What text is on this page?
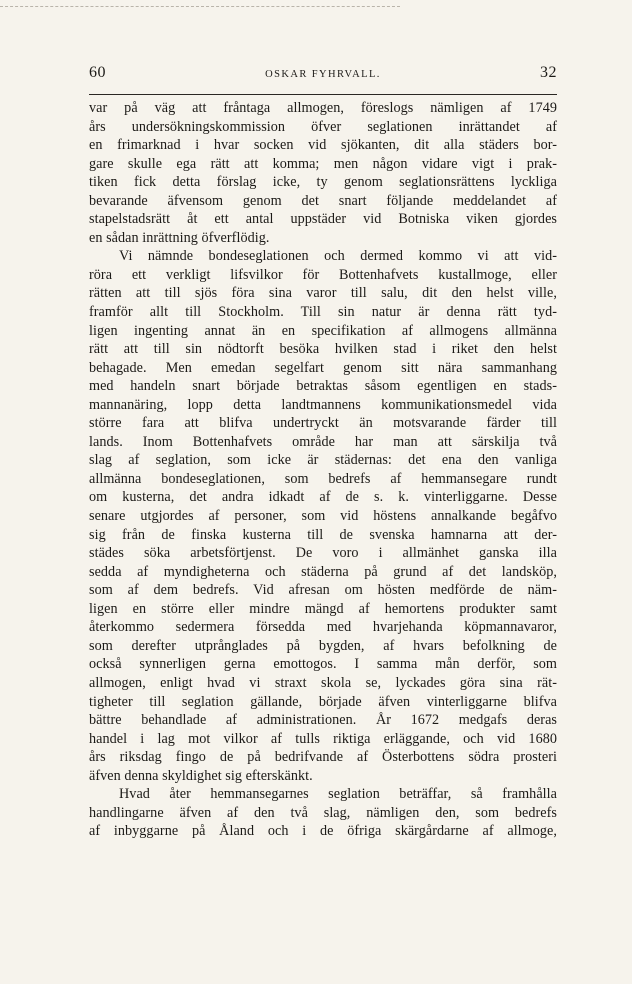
60	OSKAR FYHRVALL.	32
var på väg att fråntaga allmogen, föreslogs nämligen af 1749
års undersökningskommission öfver seglationen inrättandet af
en frimarknad i hvar socken vid sjökanten, dit alla städers bor-
gare skulle ega rätt att komma; men någon vidare vigt i prak-
tiken fick detta förslag icke, ty genom seglationsrättens lyckliga
bevarande äfvensom genom det snart följande meddelandet af
stapelstadsrätt åt ett antal uppstäder vid Botniska viken gjordes
en sådan inrättning öfverflödig.
Vi nämnde bondeseglationen och dermed kommo vi att vid-
röra ett verkligt lifsvilkor för Bottenhafvets kustallmoge, eller
rätten att till sjös föra sina varor till salu, dit den helst ville,
framför allt till Stockholm. Till sin natur är denna rätt tyd-
ligen ingenting annat än en specifikation af allmogens allmänna
rätt att till sin nödtorft besöka hvilken stad i riket den helst
behagade. Men emedan segelfart genom sitt nära sammanhang
med handeln snart började betraktas såsom egentligen en stads-
mannanäring, lopp detta landtmannens kommunikationsmedel vida
större fara att blifva undertryckt än motsvarande färder till
lands. Inom Bottenhafvets område har man att särskilja två
slag af seglation, som icke är städernas: det ena den vanliga
allmänna bondeseglationen, som bedrefs af hemmansegare rundt
om kusterna, det andra idkadt af de s. k. vinterliggarne. Desse
senare utgjordes af personer, som vid höstens annalkande begåfvo
sig från de finska kusterna till de svenska hamnarna att der-
städes söka arbetsförtjenst. De voro i allmänhet ganska illa
sedda af myndigheterna och städerna på grund af det landsköp,
som af dem bedrefs. Vid afresan om hösten medförde de näm-
ligen en större eller mindre mängd af hemortens produkter samt
återkommo sedermera försedda med hvarjehanda köpmannavaror,
som derefter utprånglades på bygden, af hvars befolkning de
också synnerligen gerna emottogos. I samma mån derför, som
allmogen, enligt hvad vi straxt skola se, lyckades göra sina rät-
tigheter till seglation gällande, började äfven vinterliggarne blifva
bättre behandlade af administrationen. År 1672 medgafs deras
handel i lag mot vilkor af tulls riktiga erläggande, och vid 1680
års riksdag fingo de på bedrifvande af Österbottens södra prosteri
äfven denna skyldighet sig efterskänkt.
Hvad åter hemmansegarnes seglation beträffar, så framhålla
handlingarne äfven af den två slag, nämligen den, som bedrefs
af inbyggarne på Åland och i de öfriga skärgårdarne af allmoge,
